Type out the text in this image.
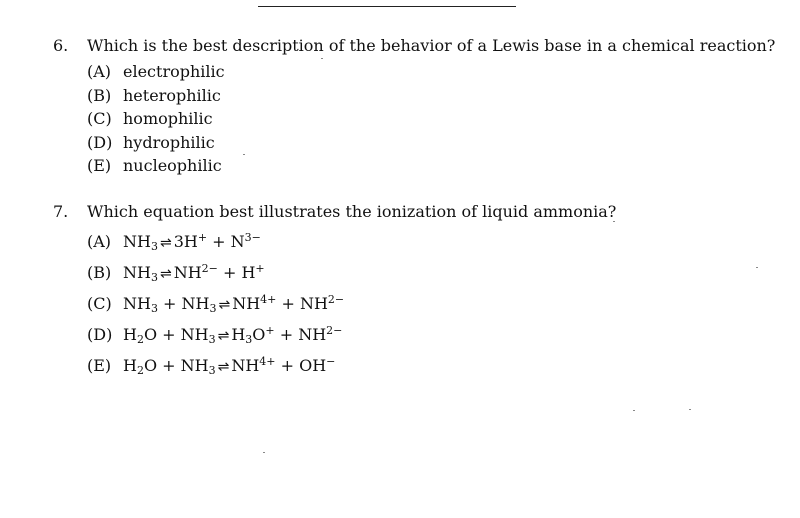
6.	Which is the best description of the behavior of a Lewis base in a chemical reaction?
(A) electrophilic
(B) heterophilic
(C) homophilic
(D) hydrophilic
(E) nucleophilic
7.	Which equation best illustrates the ionization of liquid ammonia?
(A) $NH_3$ ⇌ $3H^+ + N^{3-}$
(B) $NH_3$ ⇌ $NH^{2-} + H^+$
(C) $NH_3 + NH_3$ ⇌ $NH^{4+} + NH^{2-}$
(D) $H_2O + NH_3$ ⇌ $H_3O^+ + NH^{2-}$
(E) $H_2O + NH_3$ ⇌ $NH^{4+} + OH^-$
